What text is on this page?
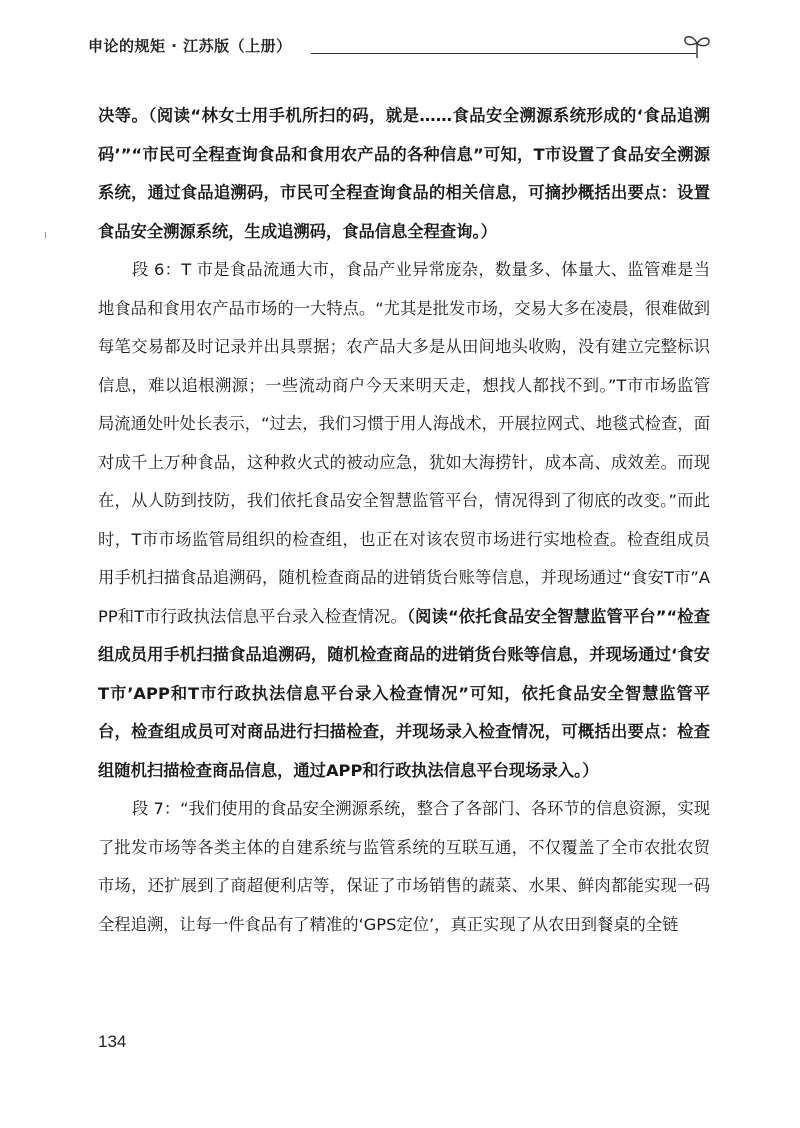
申论的规矩 · 江苏版（上册）

决等。（阅读“林女士用手机所扫的码，就是……食品安全溯源系统形成的‘食品追溯码’”“市民可全程查询食品和食用农产品的各种信息”可知，T市设置了食品安全溯源系统，通过食品追溯码，市民可全程查询食品的相关信息，可摘抄概括出要点：设置食品安全溯源系统，生成追溯码，食品信息全程查询。）

段 6：T 市是食品流通大市，食品产业异常庞杂，数量多、体量大、监管难是当地食品和食用农产品市场的一大特点。“尤其是批发市场，交易大多在凌晨，很难做到每笔交易都及时记录并出具票据；农产品大多是从田间地头收购，没有建立完整标识信息，难以追根溯源；一些流动商户今天来明天走，想找人都找不到。”T市市场监管局流通处叶处长表示，“过去，我们习惯于用人海战术，开展拉网式、地毯式检查，面对成千上万种食品，这种救火式的被动应急，犹如大海捞针，成本高、成效差。而现在，从人防到技防，我们依托食品安全智慧监管平台，情况得到了彻底的改变。”而此时，T市市场监管局组织的检查组，也正在对该农贸市场进行实地检查。检查组成员用手机扫描食品追溯码，随机检查商品的进销货台账等信息，并现场通过“食安T市”APP和T市行政执法信息平台录入检查情况。（阅读“依托食品安全智慧监管平台”“检查组成员用手机扫描食品追溯码，随机检查商品的进销货台账等信息，并现场通过‘食安T市’APP和T市行政执法信息平台录入检查情况”可知，依托食品安全智慧监管平台，检查组成员可对商品进行扫描检查，并现场录入检查情况，可概括出要点：检查组随机扫描检查商品信息，通过APP和行政执法信息平台现场录入。）

段 7：“我们使用的食品安全溯源系统，整合了各部门、各环节的信息资源，实现了批发市场等各类主体的自建系统与监管系统的互联互通，不仅覆盖了全市农批农贸市场，还扩展到了商超便利店等，保证了市场销售的蔬菜、水果、鲜肉都能实现一码全程追溯，让每一件食品有了精准的‘GPS定位’，真正实现了从农田到餐桌的全链

134
